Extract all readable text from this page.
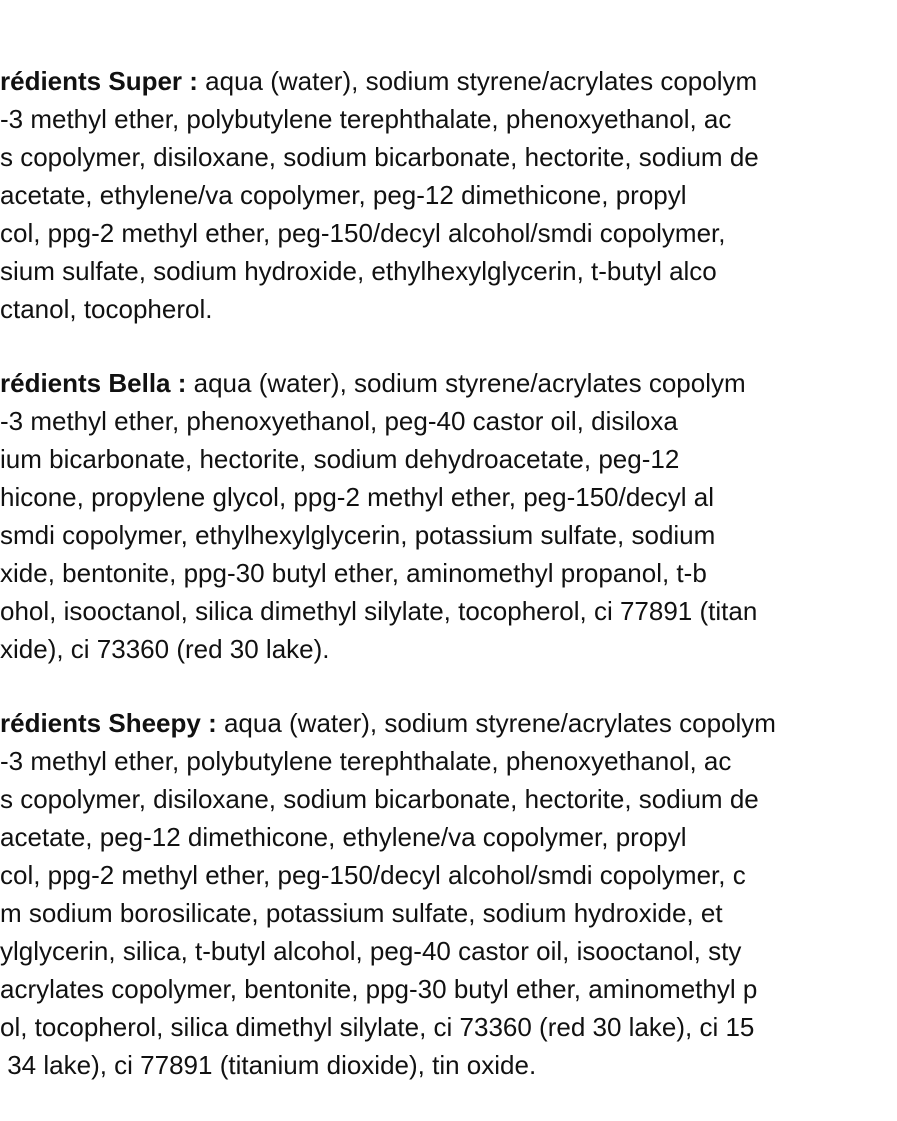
rédients Super : aqua (water), sodium styrene/acrylates copolym
-3 methyl ether, polybutylene terephthalate, phenoxyethanol, ac
s copolymer, disiloxane, sodium bicarbonate, hectorite, sodium de
acetate, ethylene/va copolymer, peg-12 dimethicone, propyl
col, ppg-2 methyl ether, peg-150/decyl alcohol/smdi copolymer,
sium sulfate, sodium hydroxide, ethylhexylglycerin, t-butyl alco
ctanol, tocopherol.
rédients Bella : aqua (water), sodium styrene/acrylates copolym
-3 methyl ether, phenoxyethanol, peg-40 castor oil, disiloxa
ium bicarbonate, hectorite, sodium dehydroacetate, peg-12
hicone, propylene glycol, ppg-2 methyl ether, peg-150/decyl al
smdi copolymer, ethylhexylglycerin, potassium sulfate, sodium
xide, bentonite, ppg-30 butyl ether, aminomethyl propanol, t-b
ohol, isooctanol, silica dimethyl silylate, tocopherol, ci 77891 (titan
xide), ci 73360 (red 30 lake).
rédients Sheepy : aqua (water), sodium styrene/acrylates copolym
-3 methyl ether, polybutylene terephthalate, phenoxyethanol, ac
s copolymer, disiloxane, sodium bicarbonate, hectorite, sodium de
acetate, peg-12 dimethicone, ethylene/va copolymer, propyl
col, ppg-2 methyl ether, peg-150/decyl alcohol/smdi copolymer, c
m sodium borosilicate, potassium sulfate, sodium hydroxide, et
ylglycerin, silica, t-butyl alcohol, peg-40 castor oil, isooctanol, sty
acrylates copolymer, bentonite, ppg-30 butyl ether, aminomethyl p
ol, tocopherol, silica dimethyl silylate, ci 73360 (red 30 lake), ci 15
34 lake), ci 77891 (titanium dioxide), tin oxide.
